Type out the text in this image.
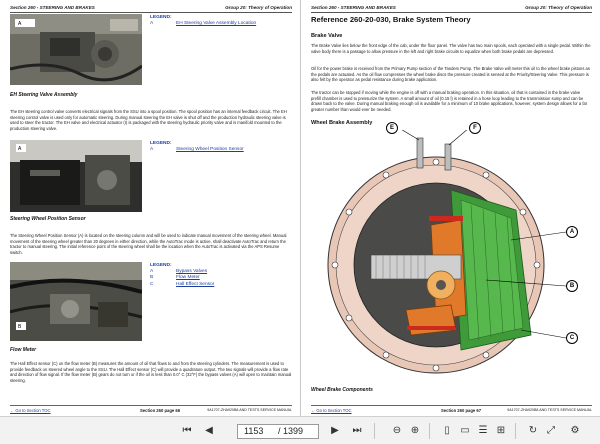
Section 260 - STEERING AND BRAKES	Group 20: Theory of Operation
A
LEGEND:
A	EH Steering Valve Assembly Location
EH Steering Valve Assembly
The EH steering control valve converts electrical signals from the SSU into a spool position. The spool position has an internal feedback circuit. The EH steering control valve is used only for automatic steering. During manual steering the EH valve is shut off and the production hydraulic steering valve is used to steer the tractor. The EH valve and electrical actuator (I) is packaged with the steering hydraulic priority valve and is manifold mounted to the production steering valve.
A
LEGEND:
A	Steering Wheel Position Sensor
Steering Wheel Position Sensor
The Steering Wheel Position Sensor (A) is located on the steering column and will be used to indicate manual movement of the steering wheel. Manual movement of the steering wheel greater than 20 degrees in either direction, while the AutoTrac mode is active, shall deactivate AutoTrac and return the tractor to manual steering. The initial reference point of the steering wheel shall be the location when the AutoTrac is activated via the APS Resume switch.
B
LEGEND:
A	Bypass Valves
B	Flow Meter
C	Hall Effect Sensor
Flow Meter
The Hall Effect sensor (C) on the flow meter (B) measures the amount of oil that flows to and from the steering cylinders. The measurement is used to provide feedback on steered wheel angle to the SSU. The Hall Effect sensor (C) will provide a quadrature output. The two signals will provide a flow rate and direction of flow signal. If the flow meter (B) gears do not turn or if the oil is less than 0.0° C (32°F) the bypass valves (A) will open to maintain manual steering.
← Go to Section TOC	Section 260 page 66	9A1707-ZHA920B8 AND TESTS SERVICE MANUAL
Section 260 - STEERING AND BRAKES	Group 20: Theory of Operation
Reference 260-20-030, Brake System Theory
Brake Valve
The Brake Valve lies below the front edge of the cab, under the floor panel. The valve has two main spools, each operated with a single pedal. Within the valve body there is a passage to allow pressure in the left and right brake circuits to equalize when both brake pedals are depressed.
Oil for the power brake is received from the Primary Pump section of the Tandem Pump. The Brake Valve will meter this oil to the wheel brake pistons as the pedals are actuated. As the oil flow compresses the wheel brake discs the pressure created is sensed at the Priority/Steering Valve. This pressure is also felt by the operator as pedal resistance during brake application.
The tractor can be stopped if moving while the engine is off with a manual braking operation. In this situation, oil that is contained in the brake valve prefill chamber is used to pressurize the system. A small amount of oil (0.15 l) is retained in a hose loop leading to the transmission sump and can be drawn back to the valve. During manual braking enough oil is available for a minimum of 10 brake applications, however, system design allows for a far greater number than would ever be needed.
Wheel Brake Assembly
E	F
A
B
C
Wheel Brake Components
← Go to Section TOC	Section 260 page 67	9A1707-ZHA920B8 AND TESTS SERVICE MANUAL
⏮	◀	1153 / 1399	▶	⏭	⊖ ⊕	▯	▭ ☰ ⊞ ↻ ⤢	⚙
